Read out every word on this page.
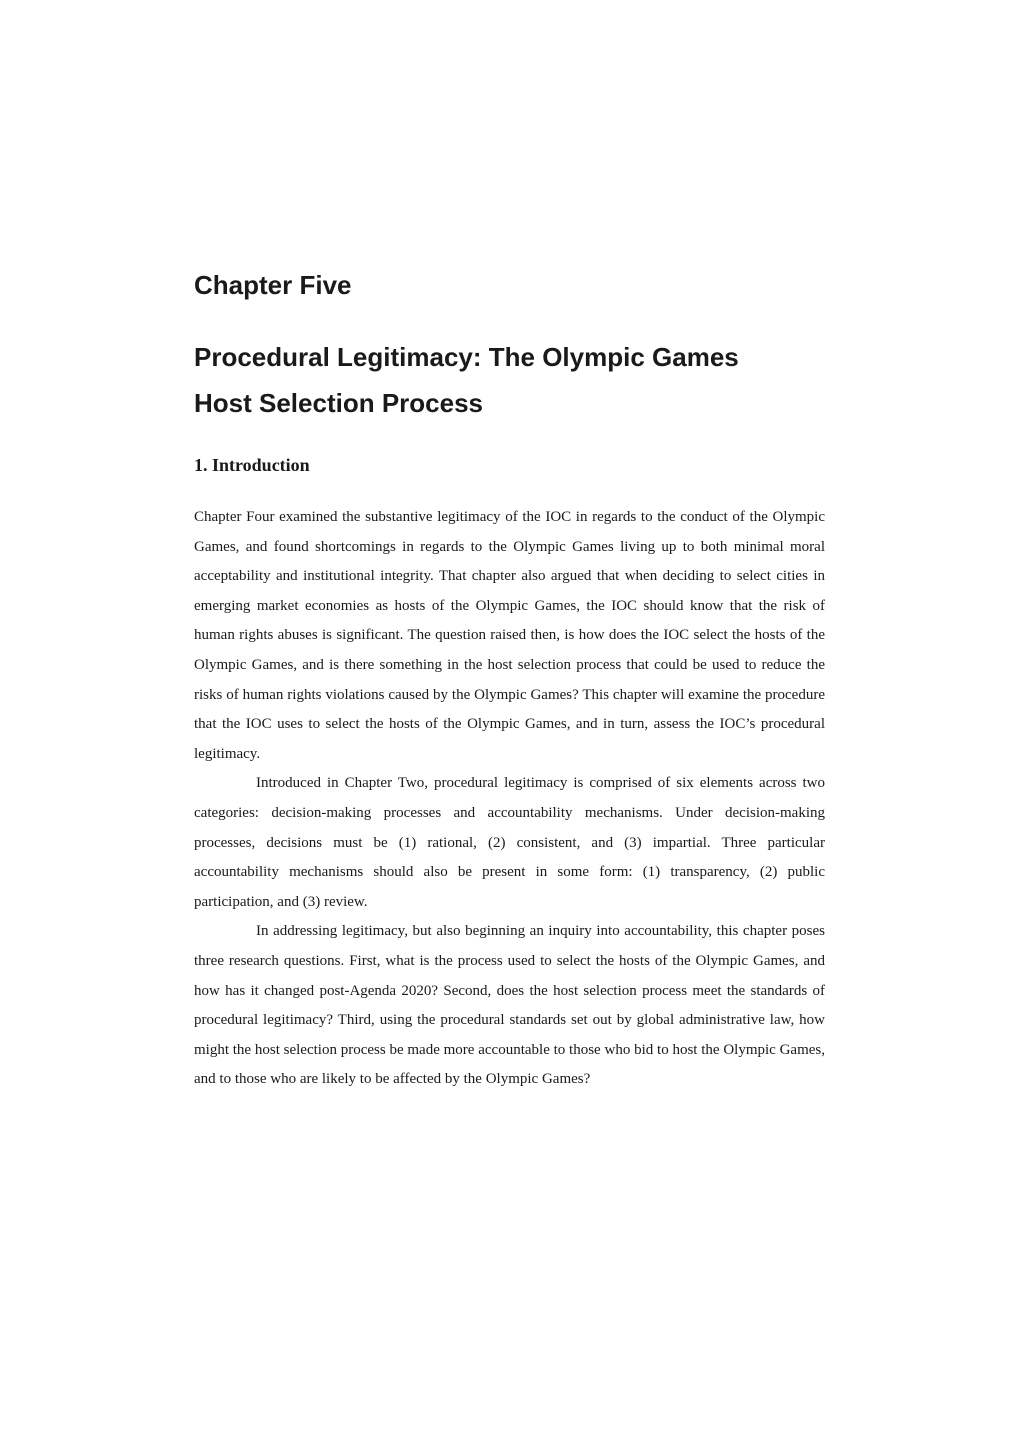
Chapter Five
Procedural Legitimacy: The Olympic Games
Host Selection Process
1. Introduction

Chapter Four examined the substantive legitimacy of the IOC in regards to the conduct of the Olympic Games, and found shortcomings in regards to the Olympic Games living up to both minimal moral acceptability and institutional integrity. That chapter also argued that when deciding to select cities in emerging market economies as hosts of the Olympic Games, the IOC should know that the risk of human rights abuses is significant. The question raised then, is how does the IOC select the hosts of the Olympic Games, and is there something in the host selection process that could be used to reduce the risks of human rights violations caused by the Olympic Games? This chapter will examine the procedure that the IOC uses to select the hosts of the Olympic Games, and in turn, assess the IOC’s procedural legitimacy.

Introduced in Chapter Two, procedural legitimacy is comprised of six elements across two categories: decision-making processes and accountability mechanisms. Under decision-making processes, decisions must be (1) rational, (2) consistent, and (3) impartial. Three particular accountability mechanisms should also be present in some form: (1) transparency, (2) public participation, and (3) review.

In addressing legitimacy, but also beginning an inquiry into accountability, this chapter poses three research questions. First, what is the process used to select the hosts of the Olympic Games, and how has it changed post-Agenda 2020? Second, does the host selection process meet the standards of procedural legitimacy? Third, using the procedural standards set out by global administrative law, how might the host selection process be made more accountable to those who bid to host the Olympic Games, and to those who are likely to be affected by the Olympic Games?
